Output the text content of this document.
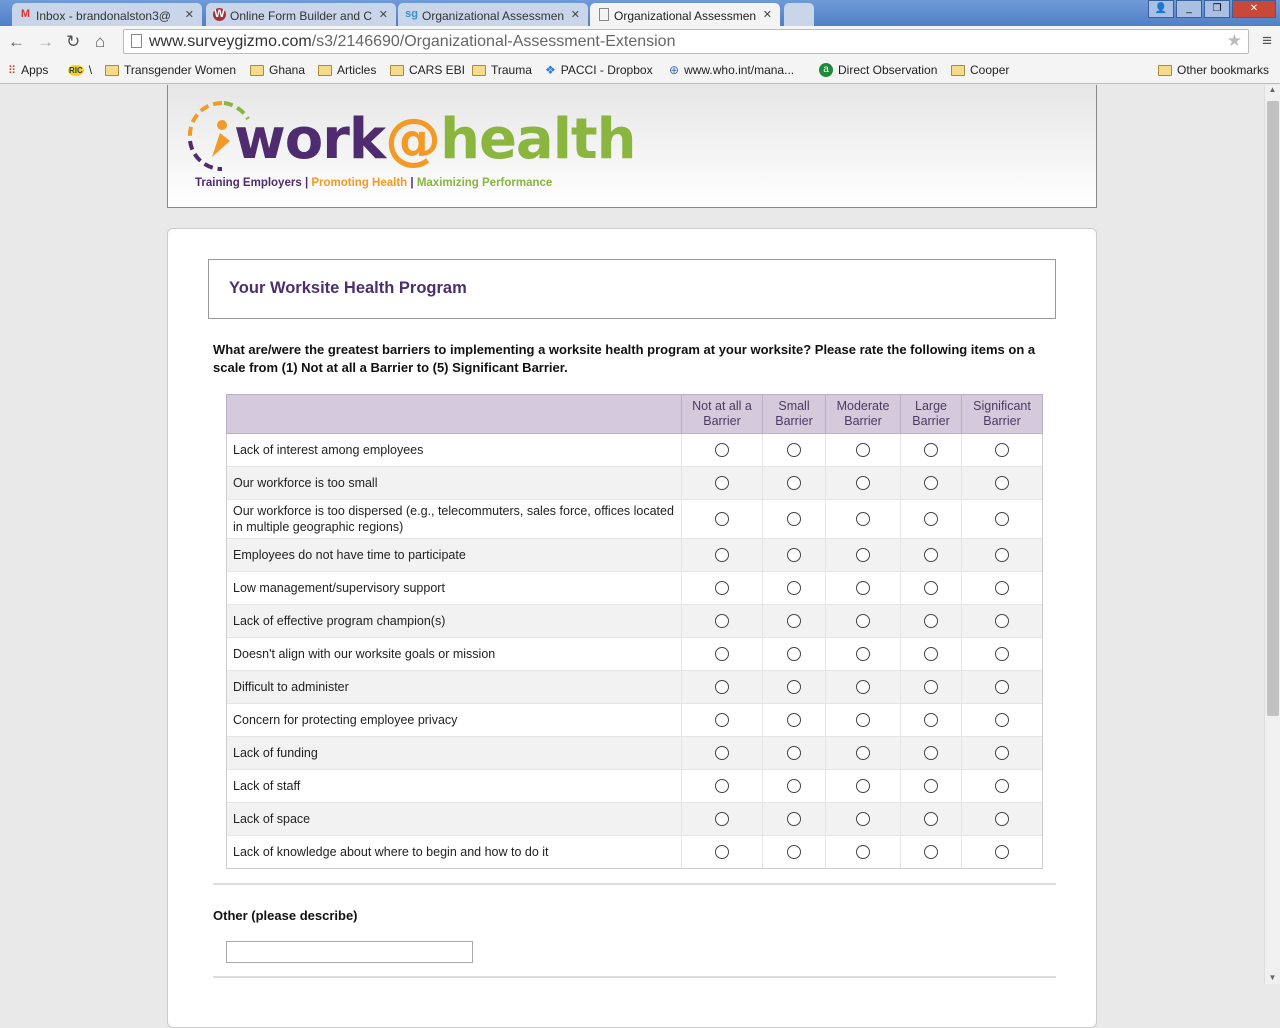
M Inbox - brandonalston3@ ✕ W Online Form Builder and C ✕ sg Organizational Assessmen ✕	Organizational Assessmen ✕
👤	_	❐	✕
← → ↻ ⌂	www.surveygizmo.com/s3/2146690/Organizational-Assessment-Extension	★ ≡
⠿ Apps	RIC \	Transgender Women	Ghana	Articles	CARS EBI Trauma ❖ PACCI - Dropbox ⊕ www.who.int/mana...	a Direct Observation	Cooper	Other bookmarks
work@health
Training Employers | Promoting Health | Maximizing Performance
Your Worksite Health Program
What are/were the greatest barriers to implementing a worksite health program at your worksite? Please rate the following items on a scale from (1) Not at all a Barrier to (5) Significant Barrier.
	Not at all a Barrier	Small Barrier	Moderate Barrier	Large Barrier	Significant Barrier
Lack of interest among employees					
Our workforce is too small					
Our workforce is too dispersed (e.g., telecommuters, sales force, offices located in multiple geographic regions)					
Employees do not have time to participate					
Low management/supervisory support					
Lack of effective program champion(s)					
Doesn't align with our worksite goals or mission					
Difficult to administer					
Concern for protecting employee privacy					
Lack of funding					
Lack of staff					
Lack of space					
Lack of knowledge about where to begin and how to do it					
Other (please describe)
▲
▼
